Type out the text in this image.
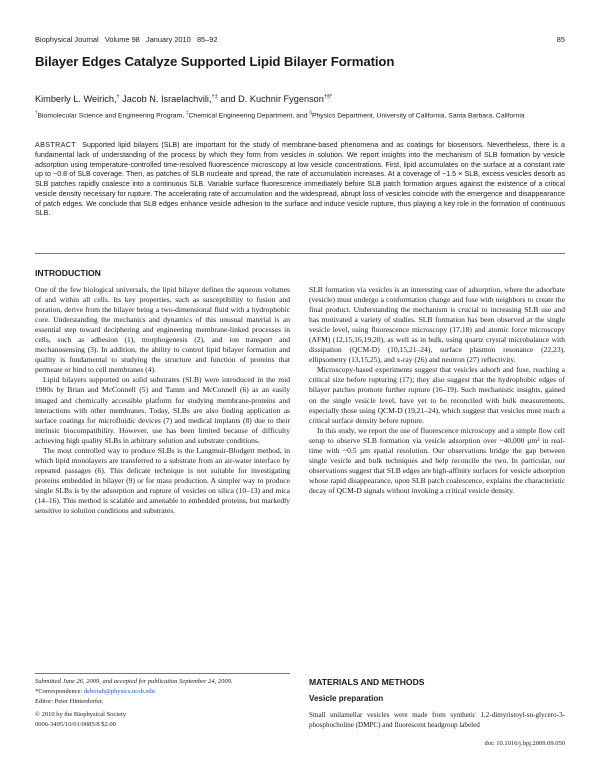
Biophysical Journal Volume 98 January 2010 85–92	85
Bilayer Edges Catalyze Supported Lipid Bilayer Formation
Kimberly L. Weirich,† Jacob N. Israelachvili,†‡ and D. Kuchnir Fygenson†§*
†Biomolecular Science and Engineering Program, ‡Chemical Engineering Department, and §Physics Department, University of California, Santa Barbara, California
ABSTRACT Supported lipid bilayers (SLB) are important for the study of membrane-based phenomena and as coatings for biosensors. Nevertheless, there is a fundamental lack of understanding of the process by which they form from vesicles in solution. We report insights into the mechanism of SLB formation by vesicle adsorption using temperature-controlled time-resolved fluorescence microscopy at low vesicle concentrations. First, lipid accumulates on the surface at a constant rate up to ~0.8 of SLB coverage. Then, as patches of SLB nucleate and spread, the rate of accumulation increases. At a coverage of ~1.5 × SLB, excess vesicles desorb as SLB patches rapidly coalesce into a continuous SLB. Variable surface fluorescence immediately before SLB patch formation argues against the existence of a critical vesicle density necessary for rupture. The accelerating rate of accumulation and the widespread, abrupt loss of vesicles coincide with the emergence and disappearance of patch edges. We conclude that SLB edges enhance vesicle adhesion to the surface and induce vesicle rupture, thus playing a key role in the formation of continuous SLB.
INTRODUCTION

One of the few biological universals, the lipid bilayer defines the aqueous volumes of and within all cells. Its key properties, such as susceptibility to fusion and poration, derive from the bilayer being a two-dimensional fluid with a hydrophobic core. Understanding the mechanics and dynamics of this unusual material is an essential step toward deciphering and engineering membrane-linked processes in cells, such as adhesion (1), morphogenesis (2), and ion transport and mechanosensing (3). In addition, the ability to control lipid bilayer formation and quality is fundamental to studying the structure and function of proteins that permeate or bind to cell membranes (4).

Lipid bilayers supported on solid substrates (SLB) were introduced in the mid 1980s by Brian and McConnell (5) and Tamm and McConnell (6) as an easily imaged and chemically accessible platform for studying membrane-proteins and interactions with other membranes. Today, SLBs are also finding application as surface coatings for microfluidic devices (7) and medical implants (8) due to their intrinsic biocompatibility. However, use has been limited because of difficulty achieving high quality SLBs in arbitrary solution and substrate conditions.

The most controlled way to produce SLBs is the Langmuir-Blodgett method, in which lipid monolayers are transferred to a substrate from an air-water interface by repeated passages (6). This delicate technique is not suitable for investigating proteins embedded in bilayer (9) or for mass production. A simpler way to produce single SLBs is by the adsorption and rupture of vesicles on silica (10–13) and mica (14–16). This method is scalable and amenable to embedded proteins, but markedly sensitive to solution conditions and substrates.

SLB formation via vesicles is an interesting case of adsorption, where the adsorbate (vesicle) must undergo a conformation change and fuse with neighbors to create the final product. Understanding the mechanism is crucial to increasing SLB use and has motivated a variety of studies. SLB formation has been observed at the single vesicle level, using fluorescence microscopy (17,18) and atomic force microscopy (AFM) (12,15,16,19,20), as well as in bulk, using quartz crystal microbalance with dissipation (QCM-D) (10,15,21–24), surface plasmon resonance (22,23), ellipsometry (13,15,25), and x-ray (26) and neutron (27) reflectivity.

Microscopy-based experiments suggest that vesicles adsorb and fuse, reaching a critical size before rupturing (17); they also suggest that the hydrophobic edges of bilayer patches promote further rupture (16–19). Such mechanistic insights, gained on the single vesicle level, have yet to be reconciled with bulk measurements, especially those using QCM-D (19,21–24), which suggest that vesicles must reach a critical surface density before rupture.

In this study, we report the use of fluorescence microscopy and a simple flow cell setup to observe SLB formation via vesicle adsorption over ~40,000 μm² in real-time with ~0.5 μm spatial resolution. Our observations bridge the gap between single vesicle and bulk techniques and help reconcile the two. In particular, our observations suggest that SLB edges are high-affinity surfaces for vesicle adsorption whose rapid disappearance, upon SLB patch coalescence, explains the characteristic decay of QCM-D signals without invoking a critical vesicle density.

MATERIALS AND METHODS
Vesicle preparation

Small unilamellar vesicles were made from synthetic 1,2-dimyristoyl-sn-glycero-3-phosphocholine (DMPC) and fluorescent headgroup labeled

Submitted June 26, 2009, and accepted for publication September 24, 2009.
*Correspondence: deborah@physics.ucsb.edu
Editor: Peter Hinterdorfer.
© 2010 by the Biophysical Society
0006-3495/10/01/0085/8 $2.00
doi: 10.1016/j.bpj.2009.09.050
